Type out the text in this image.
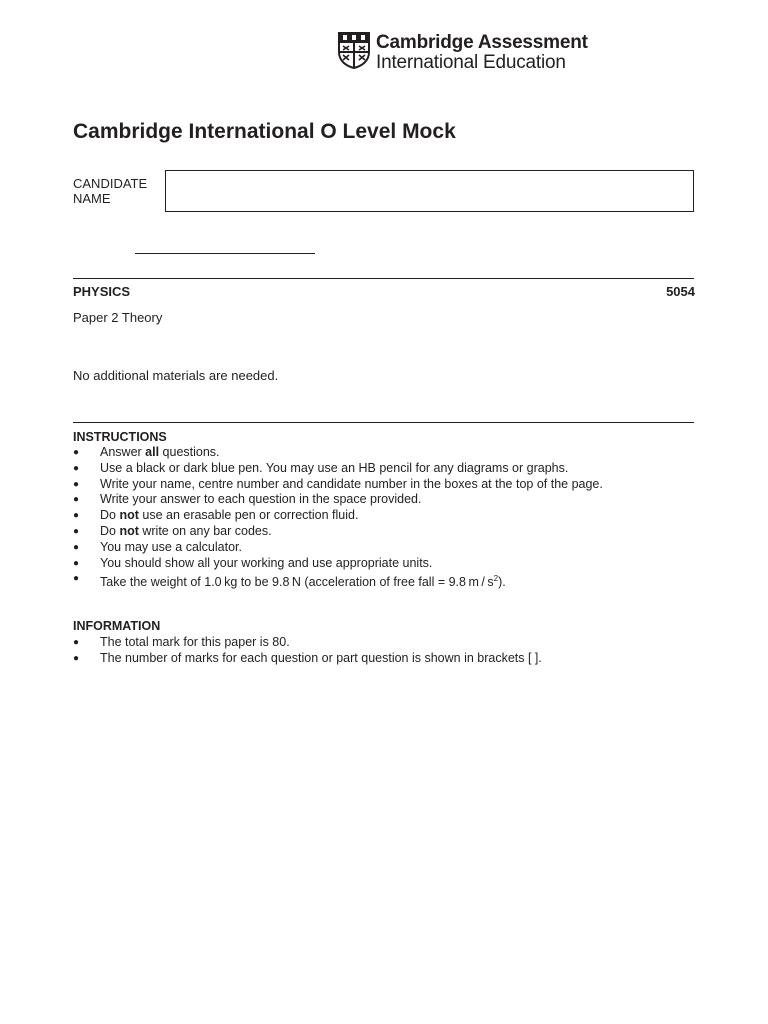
Cambridge Assessment
International Education
Cambridge International O Level Mock
CANDIDATE
NAME
PHYSICS	5054
Paper 2 Theory
No additional materials are needed.
INSTRUCTIONS
● Answer all questions.
● Use a black or dark blue pen. You may use an HB pencil for any diagrams or graphs.
● Write your name, centre number and candidate number in the boxes at the top of the page.
● Write your answer to each question in the space provided.
● Do not use an erasable pen or correction fluid.
● Do not write on any bar codes.
● You may use a calculator.
● You should show all your working and use appropriate units.
● Take the weight of 1.0 kg to be 9.8 N (acceleration of free fall = 9.8 m / $s^2$).
INFORMATION
● The total mark for this paper is 80.
● The number of marks for each question or part question is shown in brackets [ ].
